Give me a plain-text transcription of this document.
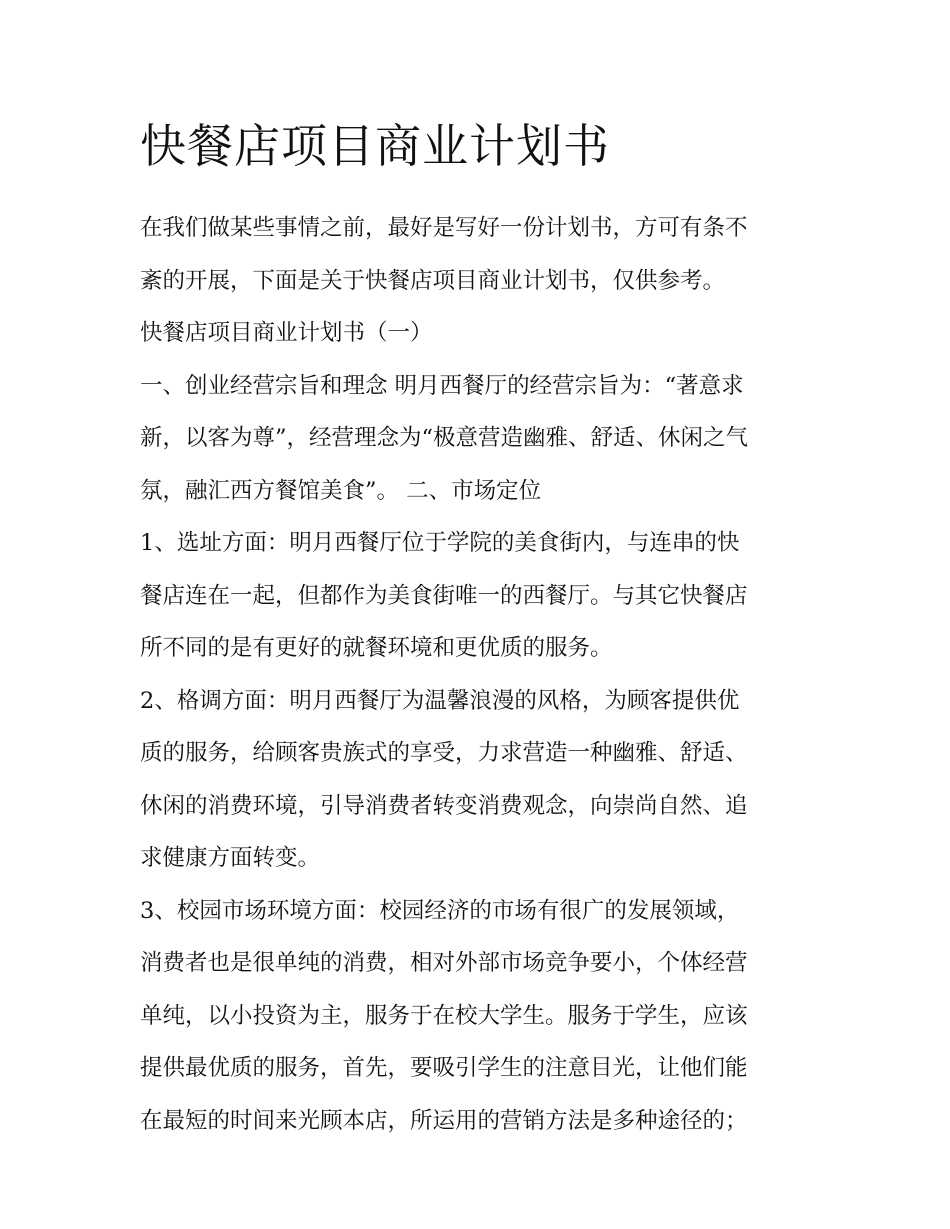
快餐店项目商业计划书

在我们做某些事情之前，最好是写好一份计划书，方可有条不
紊的开展，下面是关于快餐店项目商业计划书，仅供参考。

快餐店项目商业计划书（一）

一、创业经营宗旨和理念 明月西餐厅的经营宗旨为：“著意求
新，以客为尊”，经营理念为“极意营造幽雅、舒适、休闲之气
氛，融汇西方餐馆美食”。 二、市场定位

1、选址方面：明月西餐厅位于学院的美食街内，与连串的快
餐店连在一起，但都作为美食街唯一的西餐厅。与其它快餐店
所不同的是有更好的就餐环境和更优质的服务。

2、格调方面：明月西餐厅为温馨浪漫的风格，为顾客提供优
质的服务，给顾客贵族式的享受，力求营造一种幽雅、舒适、
休闲的消费环境，引导消费者转变消费观念，向崇尚自然、追
求健康方面转变。

3、校园市场环境方面：校园经济的市场有很广的发展领域，
消费者也是很单纯的消费，相对外部市场竞争要小，个体经营
单纯，以小投资为主，服务于在校大学生。服务于学生，应该
提供最优质的服务，首先，要吸引学生的注意目光，让他们能
在最短的时间来光顾本店，所运用的营销方法是多种途径的；
